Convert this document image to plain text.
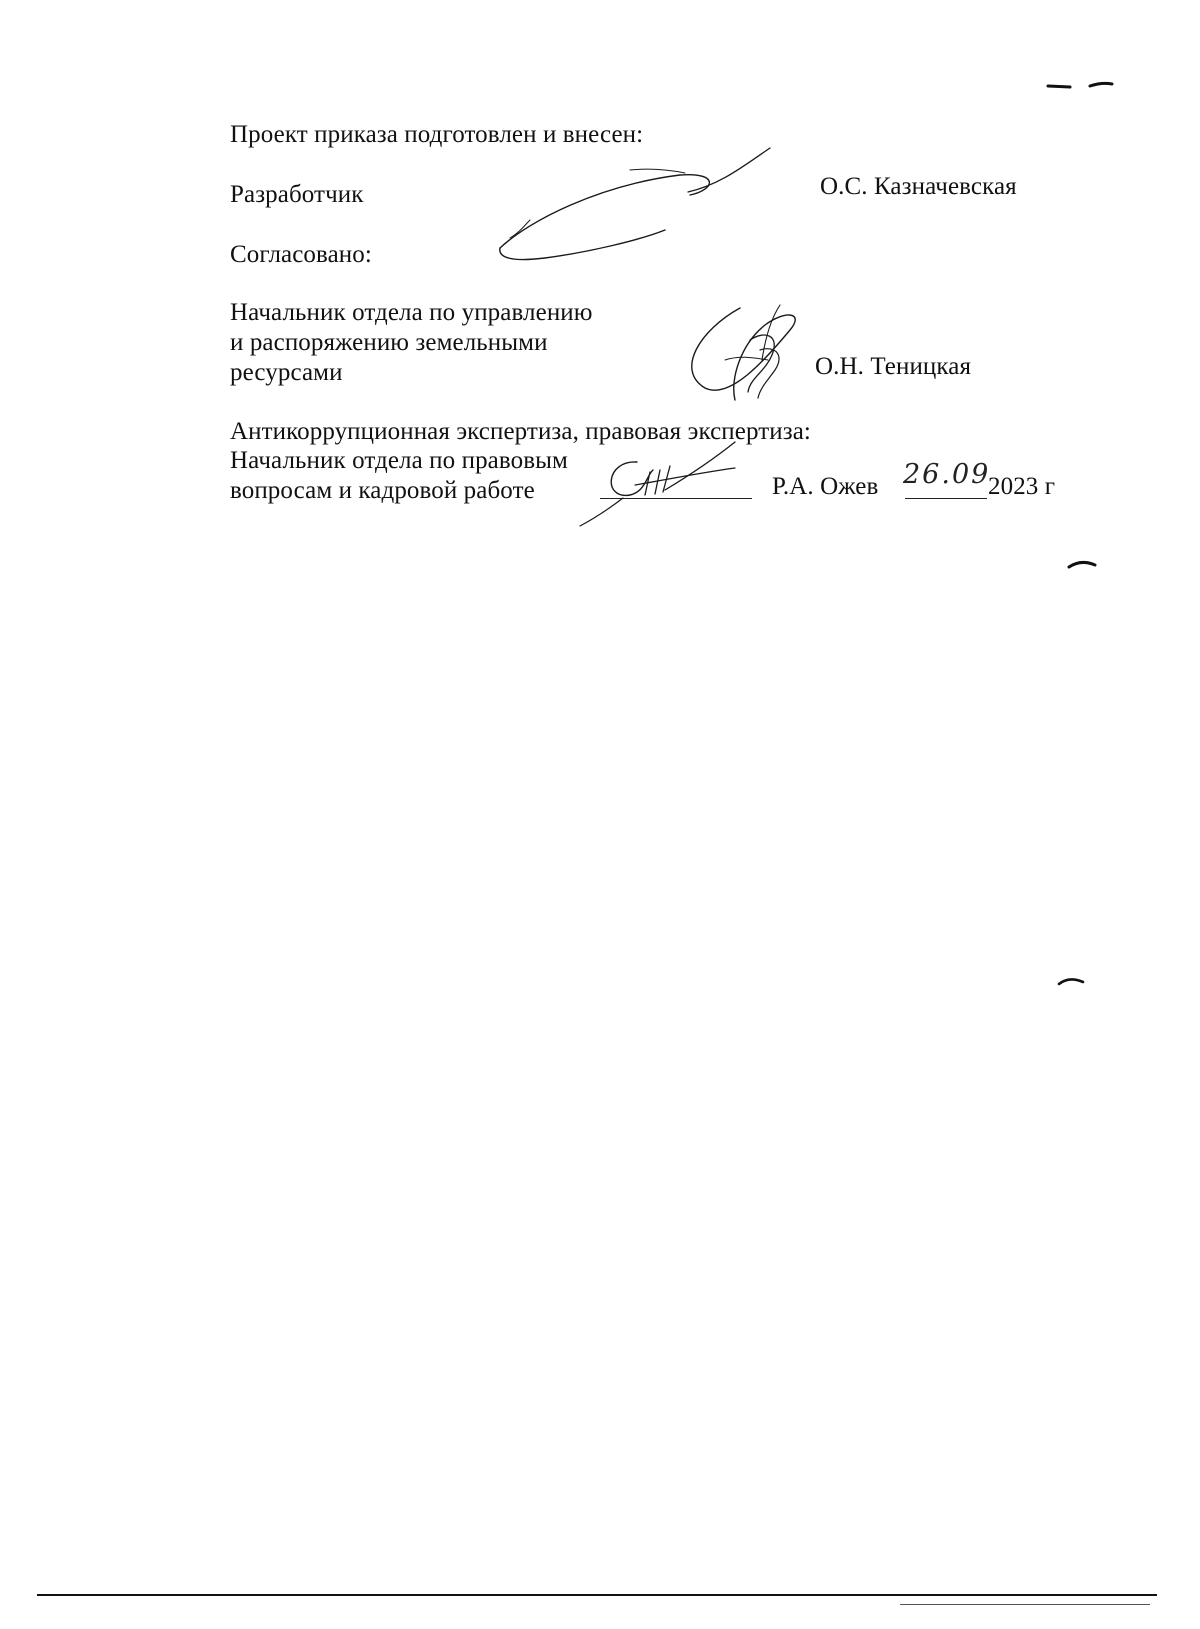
Проект приказа подготовлен и внесен:
Разработчик	О.С. Казначевская
Согласовано:
Начальник отдела по управлению
и распоряжению земельными
ресурсами	О.Н. Теницкая
Антикоррупционная экспертиза, правовая экспертиза:
Начальник отдела по правовым
вопросам и кадровой работе	Р.А. Ожев 26.09
2023 г
